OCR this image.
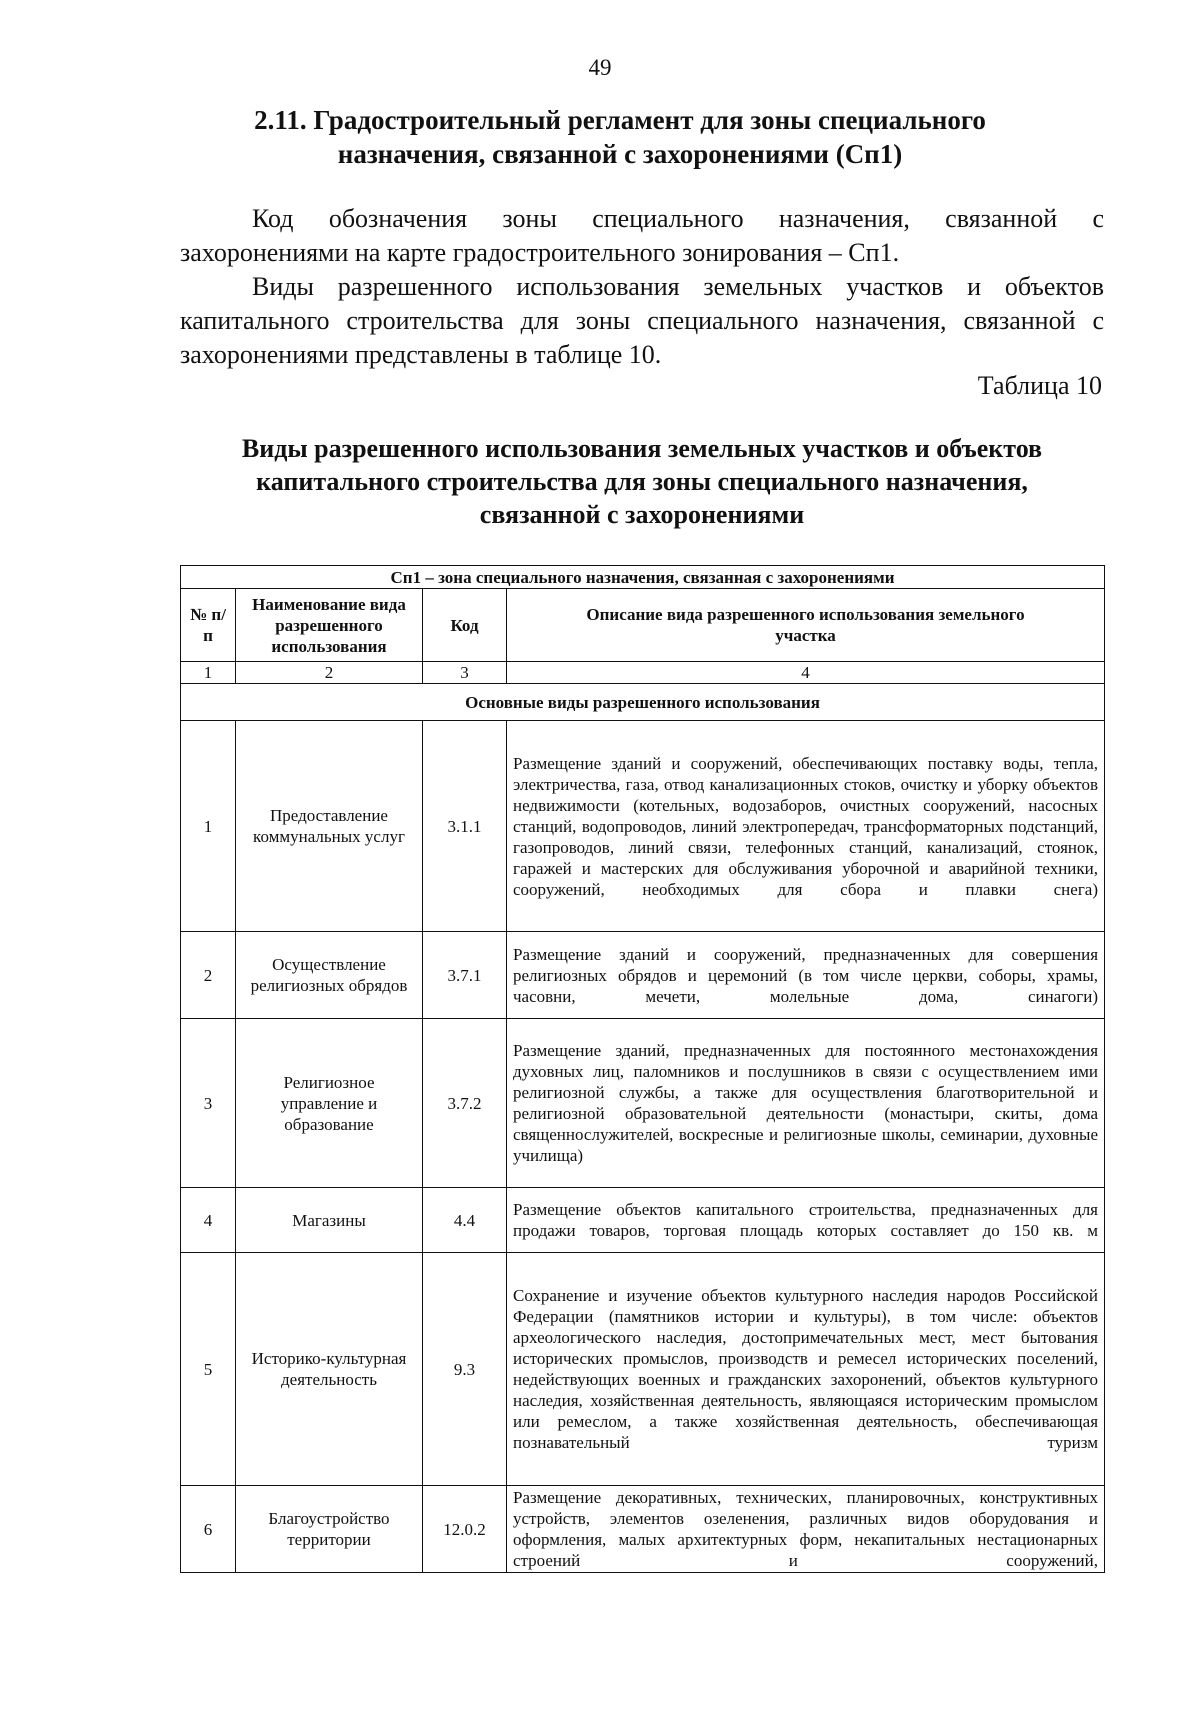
49
2.11. Градостроительный регламент для зоны специального
назначения, связанной с захоронениями (Сп1)

Код обозначения зоны специального назначения, связанной с захоронениями на карте градостроительного зонирования – Сп1.

Виды разрешенного использования земельных участков и объектов капитального строительства для зоны специального назначения, связанной с захоронениями представлены в таблице 10.

Таблица 10
Виды разрешенного использования земельных участков и объектов
капитального строительства для зоны специального назначения,
связанной с захоронениями
Сп1 – зона специального назначения, связанная с захоронениями			
№ п/п	Наименование вида разрешенного использования	Код	Описание вида разрешенного использования земельного участка
1	2	3	4
Основные виды разрешенного использования			
1	Предоставление коммунальных услуг	3.1.1	Размещение зданий и сооружений, обеспечивающих поставку воды, тепла, электричества, газа, отвод канализационных стоков, очистку и уборку объектов недвижимости (котельных, водозаборов, очистных сооружений, насосных станций, водопроводов, линий электропередач, трансформаторных подстанций, газопроводов, линий связи, телефонных станций, канализаций, стоянок, гаражей и мастерских для обслуживания уборочной и аварийной техники, сооружений, необходимых для сбора и плавки снега)
2	Осуществление религиозных обрядов	3.7.1	Размещение зданий и сооружений, предназначенных для совершения религиозных обрядов и церемоний (в том числе церкви, соборы, храмы, часовни, мечети, молельные дома, синагоги)
3	Религиозное управление и образование	3.7.2	Размещение зданий, предназначенных для постоянного местонахождения духовных лиц, паломников и послушников в связи с осуществлением ими религиозной службы, а также для осуществления благотворительной и религиозной образовательной деятельности (монастыри, скиты, дома священнослужителей, воскресные и религиозные школы, семинарии, духовные училища)
4	Магазины	4.4	Размещение объектов капитального строительства, предназначенных для продажи товаров, торговая площадь которых составляет до 150 кв. м
5	Историко-культурная деятельность	9.3	Сохранение и изучение объектов культурного наследия народов Российской Федерации (памятников истории и культуры), в том числе: объектов археологического наследия, достопримечательных мест, мест бытования исторических промыслов, производств и ремесел исторических поселений, недействующих военных и гражданских захоронений, объектов культурного наследия, хозяйственная деятельность, являющаяся историческим промыслом или ремеслом, а также хозяйственная деятельность, обеспечивающая познавательный туризм
6	Благоустройство территории	12.0.2	Размещение декоративных, технических, планировочных, конструктивных устройств, элементов озеленения, различных видов оборудования и оформления, малых архитектурных форм, некапитальных нестационарных строений и сооружений,
